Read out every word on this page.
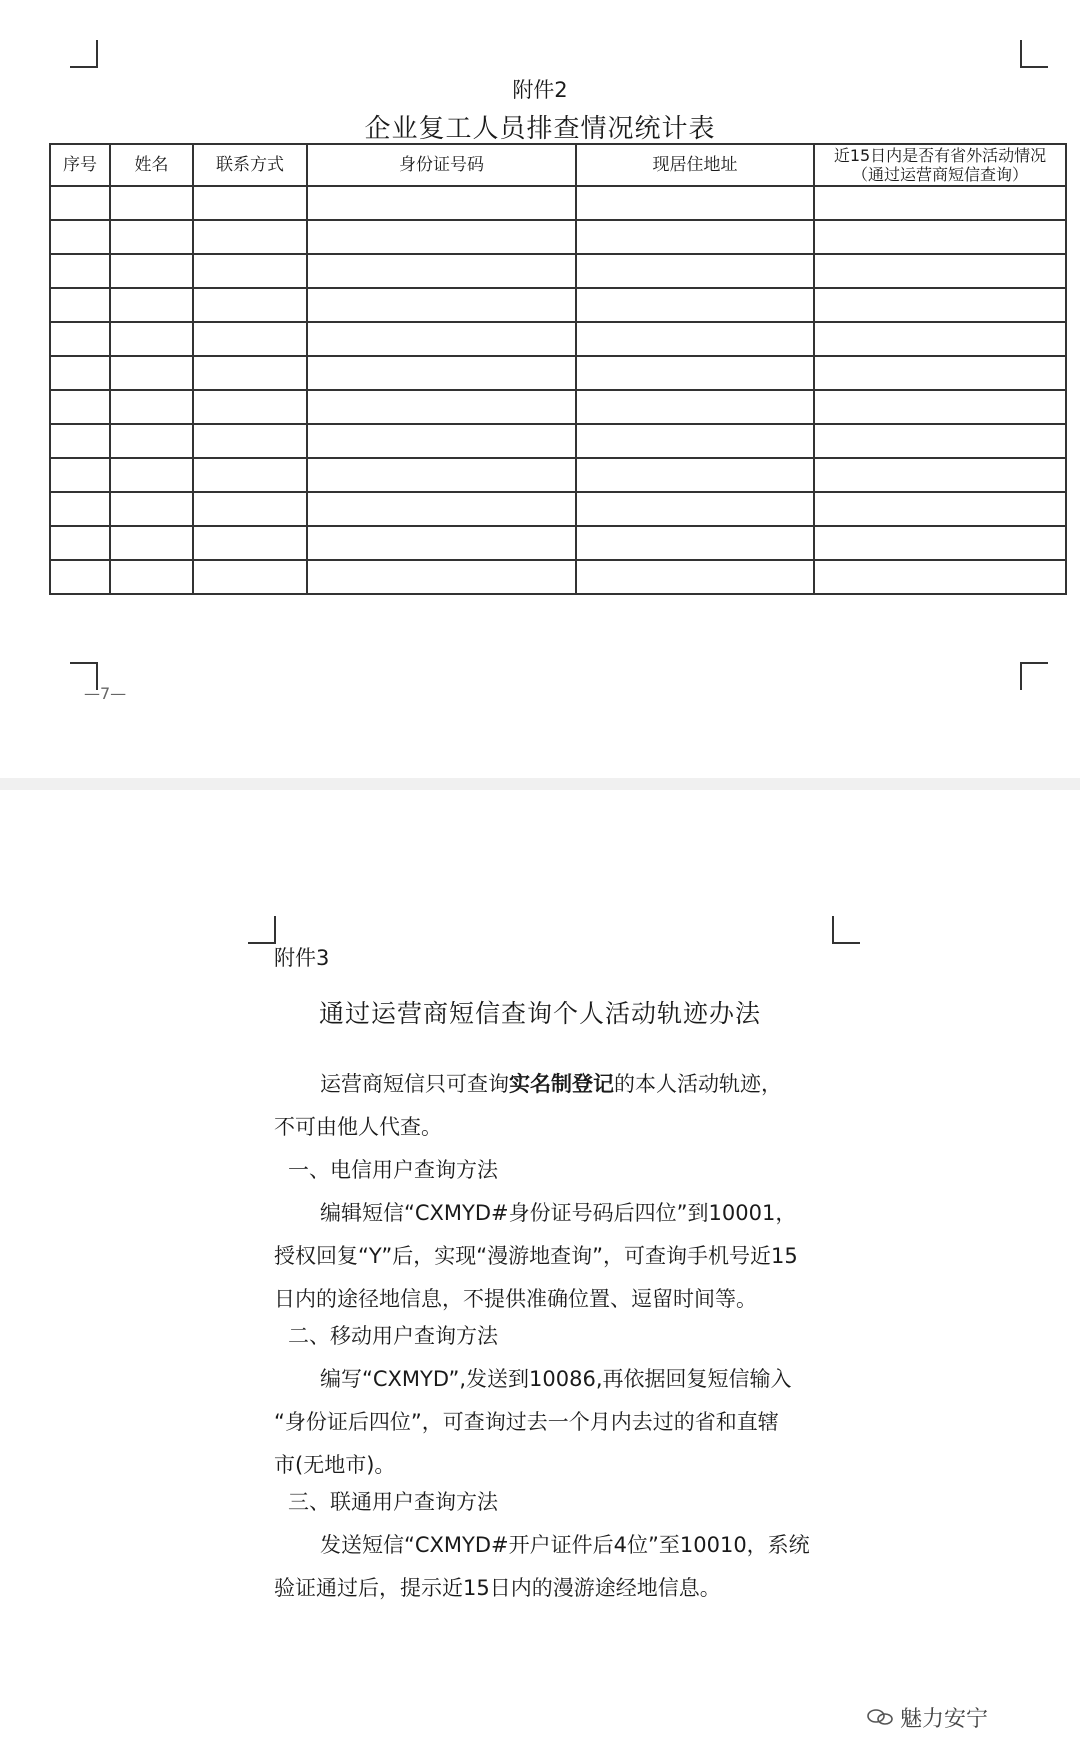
附件2
企业复工人员排查情况统计表
序号	姓名	联系方式	身份证号码	现居住地址	近15日内是否有省外活动情况
（通过运营商短信查询）

—7—
附件3
通过运营商短信查询个人活动轨迹办法
运营商短信只可查询实名制登记的本人活动轨迹，
不可由他人代查。
一、电信用户查询方法
编辑短信“CXMYD#身份证号码后四位”到10001，
授权回复“Y”后，实现“漫游地查询”，可查询手机号近15
日内的途径地信息，不提供准确位置、逗留时间等。
二、移动用户查询方法
编写“CXMYD”,发送到10086,再依据回复短信输入
“身份证后四位”，可查询过去一个月内去过的省和直辖
市(无地市)。
三、联通用户查询方法
发送短信“CXMYD#开户证件后4位”至10010，系统
验证通过后，提示近15日内的漫游途经地信息。
魅力安宁
